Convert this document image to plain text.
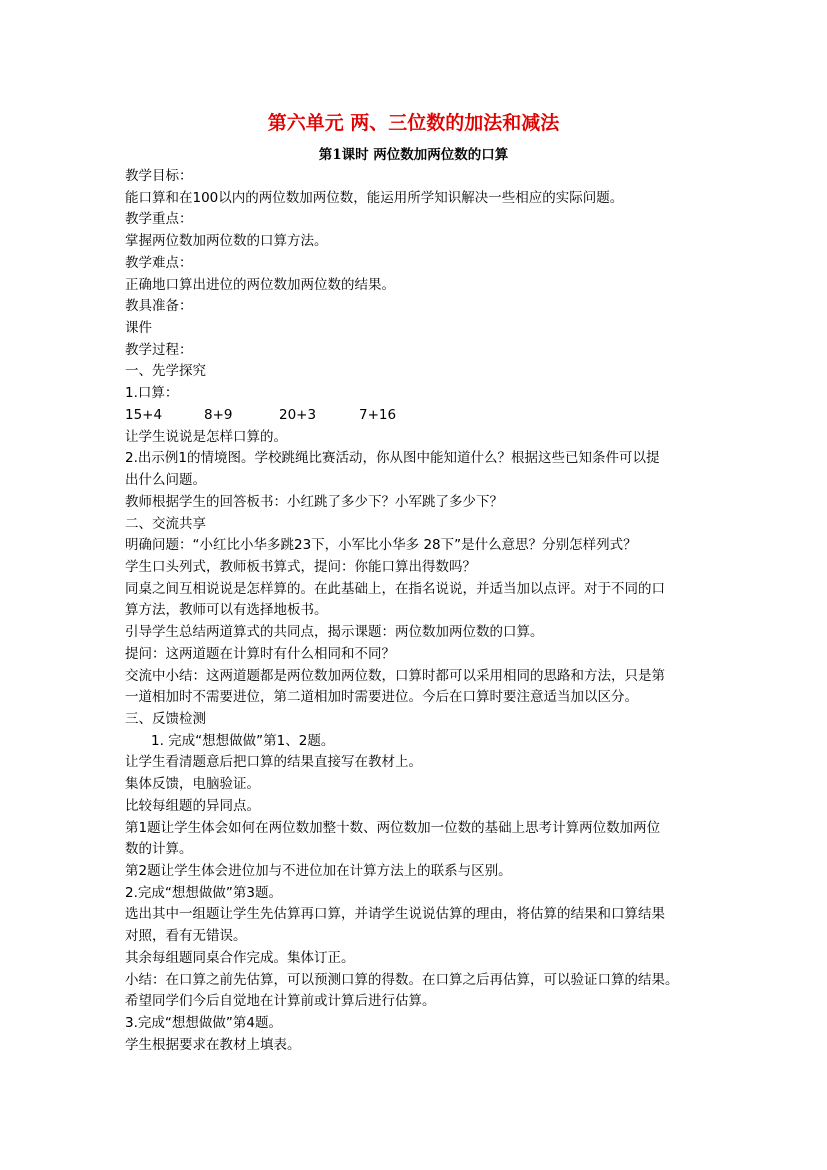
第六单元 两、三位数的加法和减法
第1课时 两位数加两位数的口算
教学目标：
能口算和在100以内的两位数加两位数，能运用所学知识解决一些相应的实际问题。
教学重点：
掌握两位数加两位数的口算方法。
教学难点：
正确地口算出进位的两位数加两位数的结果。
教具准备：
课件
教学过程：
一、先学探究
1.口算：
15+4	8+9	20+3	7+16
让学生说说是怎样口算的。
2.出示例1的情境图。学校跳绳比赛活动，你从图中能知道什么？根据这些已知条件可以提
出什么问题。
教师根据学生的回答板书：小红跳了多少下？小军跳了多少下？
二、交流共享
明确问题：“小红比小华多跳23下，小军比小华多 28下”是什么意思？分别怎样列式？
学生口头列式，教师板书算式，提问：你能口算出得数吗？
同桌之间互相说说是怎样算的。在此基础上，在指名说说，并适当加以点评。对于不同的口
算方法，教师可以有选择地板书。
引导学生总结两道算式的共同点，揭示课题：两位数加两位数的口算。
提问：这两道题在计算时有什么相同和不同？
交流中小结：这两道题都是两位数加两位数，口算时都可以采用相同的思路和方法，只是第
一道相加时不需要进位，第二道相加时需要进位。今后在口算时要注意适当加以区分。
三、反馈检测
1. 完成“想想做做”第1、2题。
让学生看清题意后把口算的结果直接写在教材上。
集体反馈，电脑验证。
比较每组题的异同点。
第1题让学生体会如何在两位数加整十数、两位数加一位数的基础上思考计算两位数加两位
数的计算。
第2题让学生体会进位加与不进位加在计算方法上的联系与区别。
2.完成“想想做做”第3题。
选出其中一组题让学生先估算再口算，并请学生说说估算的理由，将估算的结果和口算结果
对照，看有无错误。
其余每组题同桌合作完成。集体订正。
小结：在口算之前先估算，可以预测口算的得数。在口算之后再估算，可以验证口算的结果。
希望同学们今后自觉地在计算前或计算后进行估算。
3.完成“想想做做”第4题。
学生根据要求在教材上填表。
